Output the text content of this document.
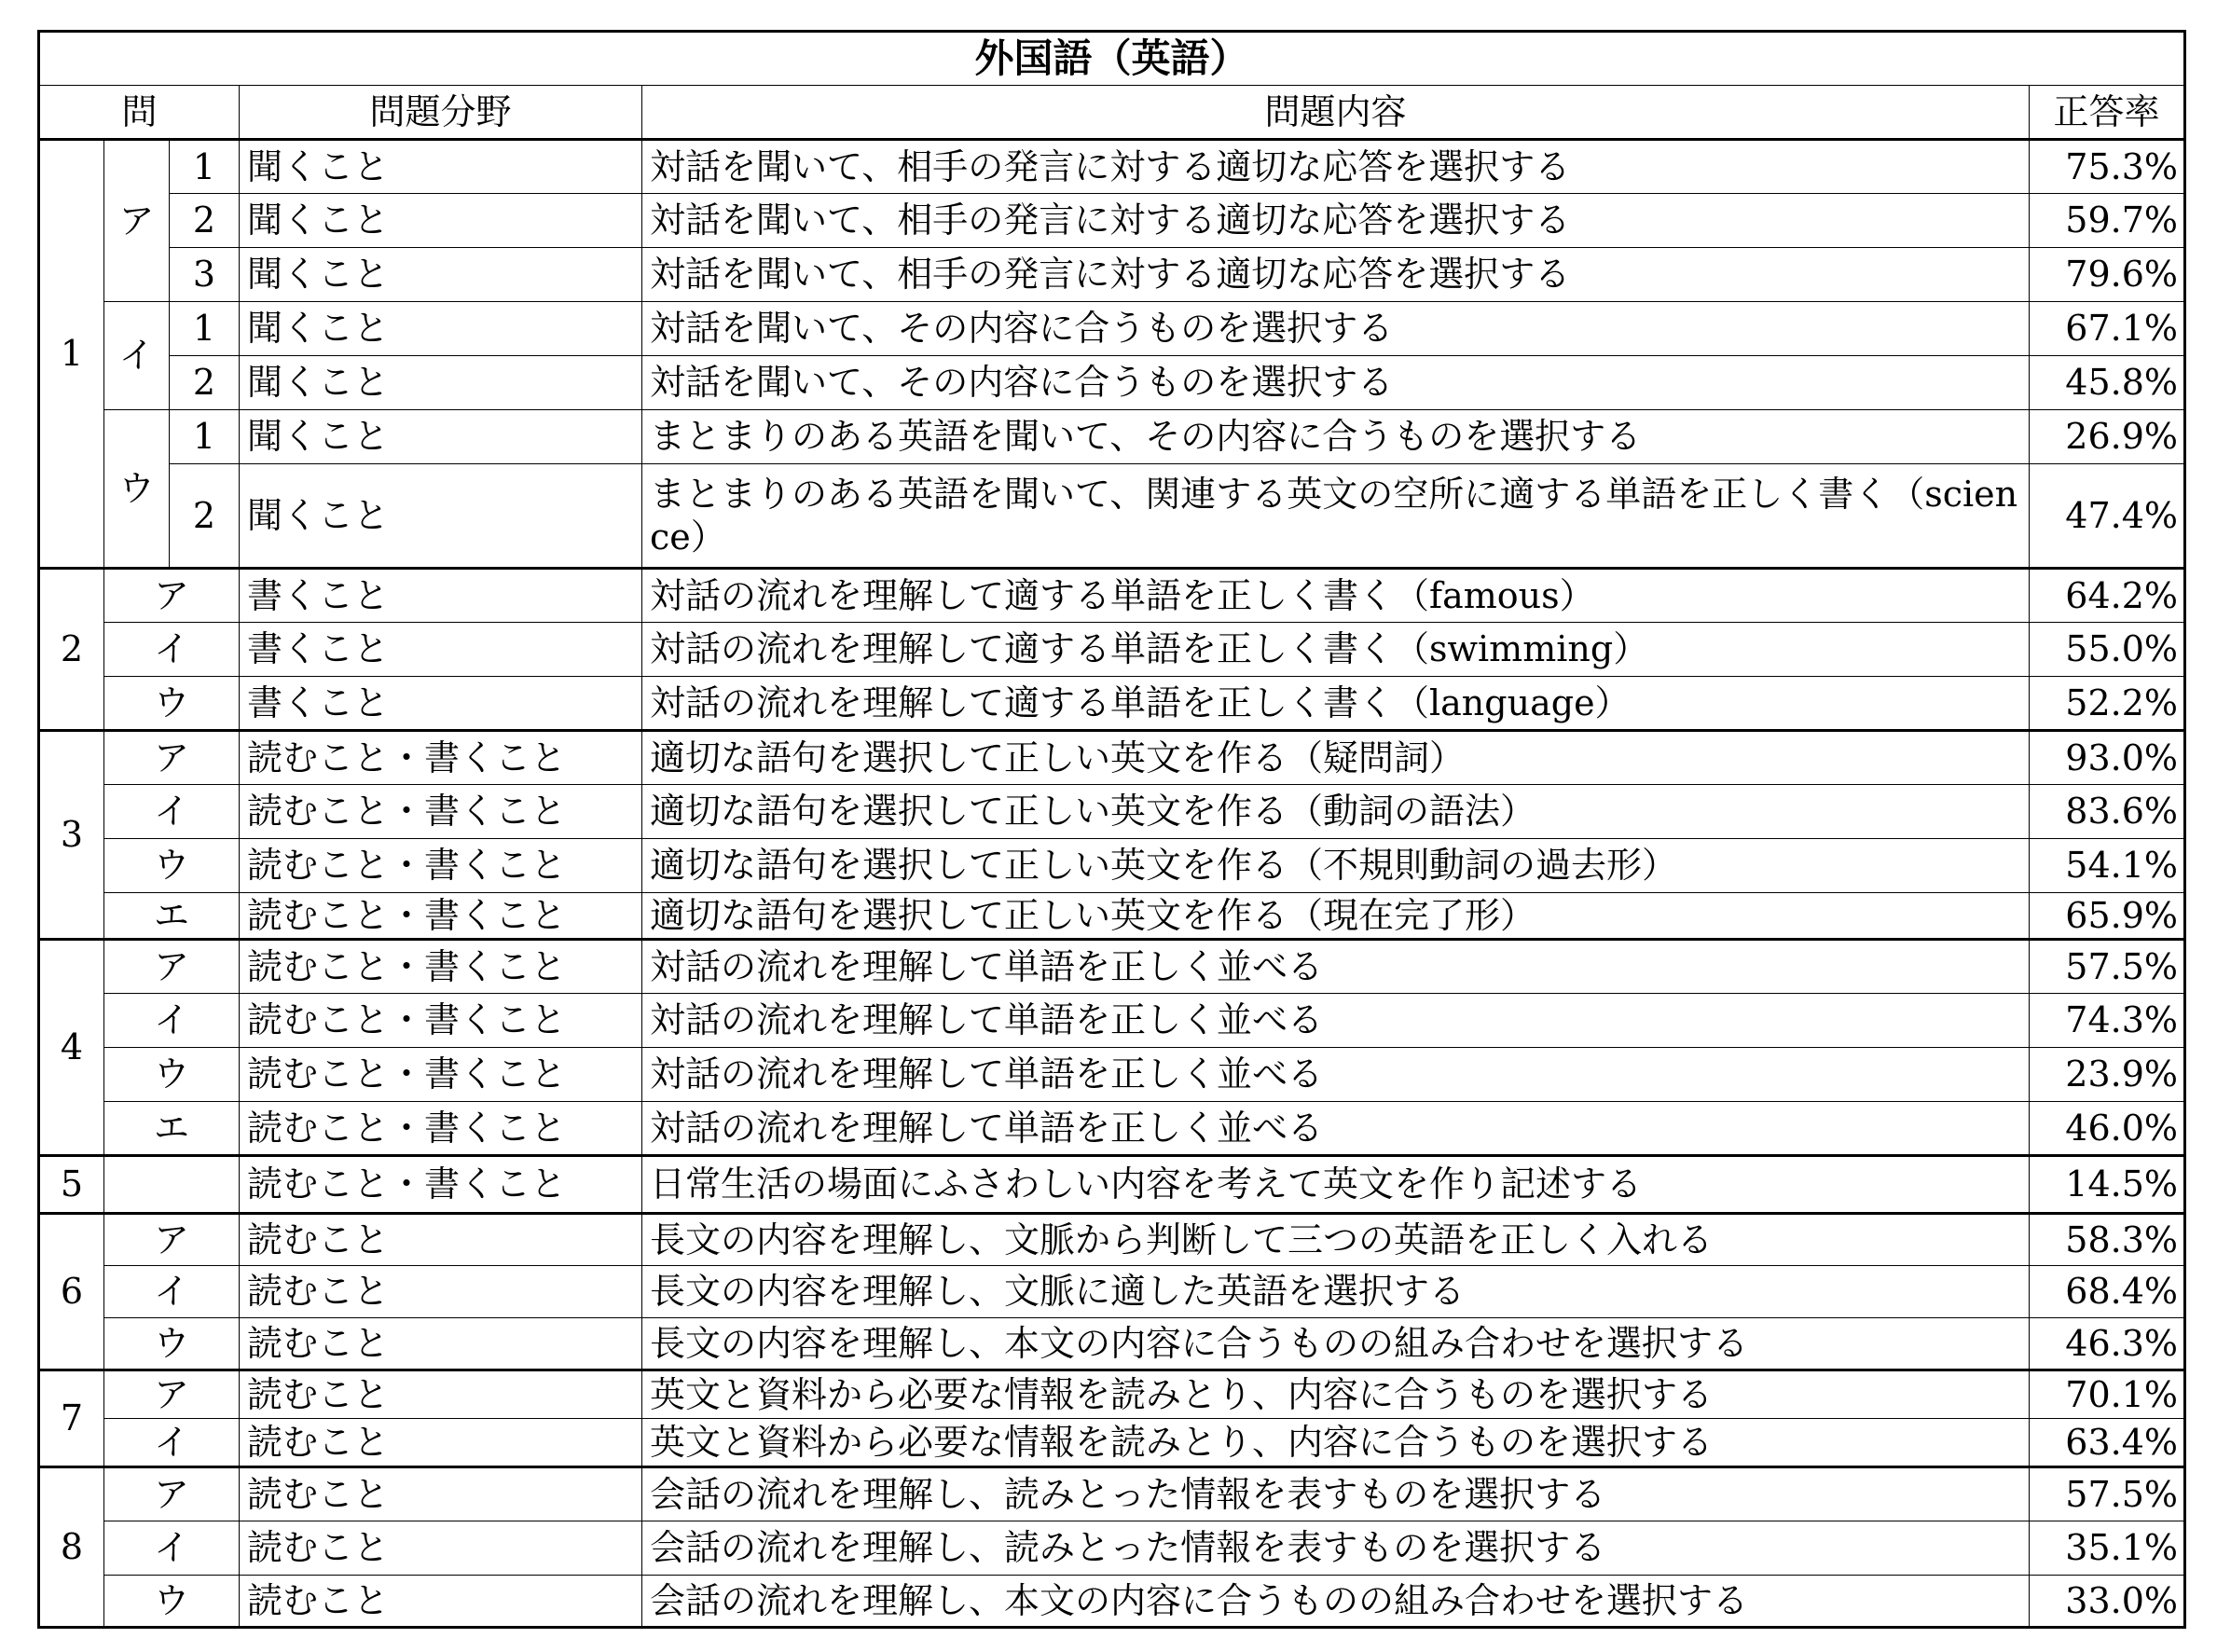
外国語（英語）					
問			問題分野	問題内容	正答率
1	ア	1	聞くこと	対話を聞いて、相手の発言に対する適切な応答を選択する	75.3%
		2	聞くこと	対話を聞いて、相手の発言に対する適切な応答を選択する	59.7%
		3	聞くこと	対話を聞いて、相手の発言に対する適切な応答を選択する	79.6%
	イ	1	聞くこと	対話を聞いて、その内容に合うものを選択する	67.1%
		2	聞くこと	対話を聞いて、その内容に合うものを選択する	45.8%
	ウ	1	聞くこと	まとまりのある英語を聞いて、その内容に合うものを選択する	26.9%
		2	聞くこと	まとまりのある英語を聞いて、関連する英文の空所に適する単語を正しく書く（science）	47.4%
2	ア		書くこと	対話の流れを理解して適する単語を正しく書く（famous）	64.2%
	イ		書くこと	対話の流れを理解して適する単語を正しく書く（swimming）	55.0%
	ウ		書くこと	対話の流れを理解して適する単語を正しく書く（language）	52.2%
3	ア		読むこと・書くこと	適切な語句を選択して正しい英文を作る（疑問詞）	93.0%
	イ		読むこと・書くこと	適切な語句を選択して正しい英文を作る（動詞の語法）	83.6%
	ウ		読むこと・書くこと	適切な語句を選択して正しい英文を作る（不規則動詞の過去形）	54.1%
	エ		読むこと・書くこと	適切な語句を選択して正しい英文を作る（現在完了形）	65.9%
4	ア		読むこと・書くこと	対話の流れを理解して単語を正しく並べる	57.5%
	イ		読むこと・書くこと	対話の流れを理解して単語を正しく並べる	74.3%
	ウ		読むこと・書くこと	対話の流れを理解して単語を正しく並べる	23.9%
	エ		読むこと・書くこと	対話の流れを理解して単語を正しく並べる	46.0%
5			読むこと・書くこと	日常生活の場面にふさわしい内容を考えて英文を作り記述する	14.5%
6	ア		読むこと	長文の内容を理解し、文脈から判断して三つの英語を正しく入れる	58.3%
	イ		読むこと	長文の内容を理解し、文脈に適した英語を選択する	68.4%
	ウ		読むこと	長文の内容を理解し、本文の内容に合うものの組み合わせを選択する	46.3%
7	ア		読むこと	英文と資料から必要な情報を読みとり、内容に合うものを選択する	70.1%
	イ		読むこと	英文と資料から必要な情報を読みとり、内容に合うものを選択する	63.4%
8	ア		読むこと	会話の流れを理解し、読みとった情報を表すものを選択する	57.5%
	イ		読むこと	会話の流れを理解し、読みとった情報を表すものを選択する	35.1%
	ウ		読むこと	会話の流れを理解し、本文の内容に合うものの組み合わせを選択する	33.0%
